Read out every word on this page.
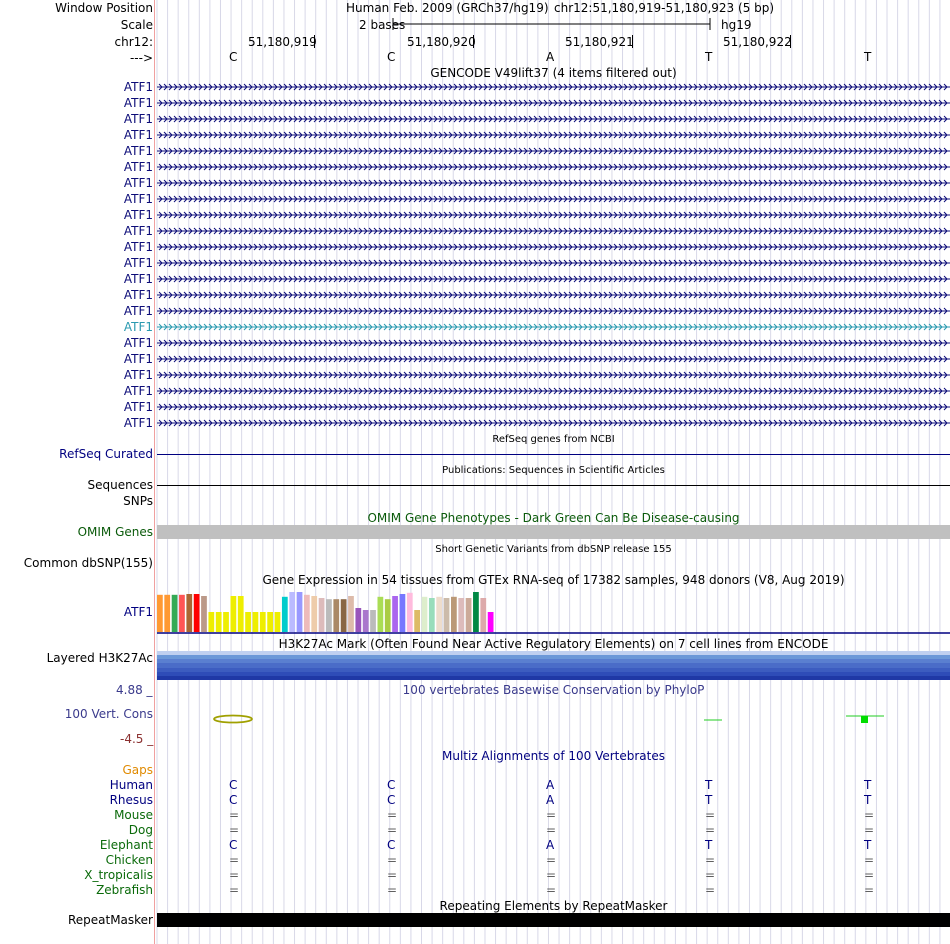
Window Position
Scale
chr12:
--->
Human Feb. 2009 (GRCh37/hg19) chr12:51,180,919-51,180,923 (5 bp)
2 bases	hg19
51,180,919	51,180,920	51,180,921	51,180,922
C	C	A	T	T
GENCODE V49lift37 (4 items filtered out)
ATF1
ATF1
ATF1
ATF1
ATF1
ATF1
ATF1
ATF1
ATF1
ATF1
ATF1
ATF1
ATF1
ATF1
ATF1
ATF1
ATF1
ATF1
ATF1
ATF1
ATF1
ATF1
RefSeq genes from NCBI
RefSeq Curated
Publications: Sequences in Scientific Articles
Sequences
SNPs
OMIM Gene Phenotypes - Dark Green Can Be Disease-causing
OMIM Genes
Short Genetic Variants from dbSNP release 155
Common dbSNP(155)
Gene Expression in 54 tissues from GTEx RNA-seq of 17382 samples, 948 donors (V8, Aug 2019)
ATF1
H3K27Ac Mark (Often Found Near Active Regulatory Elements) on 7 cell lines from ENCODE
Layered H3K27Ac
4.88 _	100 vertebrates Basewise Conservation by PhyloP
100 Vert. Cons
-4.5 _
Multiz Alignments of 100 Vertebrates
Gaps
Human	C	C	A	T	T
Rhesus	C	C	A	T	T
Mouse	=	=	=	=	=
Dog	=	=	=	=	=
Elephant	C	C	A	T	T
Chicken	=	=	=	=	=
X_tropicalis	=	=	=	=	=
Zebrafish	=	=	=	=	=
Repeating Elements by RepeatMasker
RepeatMasker
